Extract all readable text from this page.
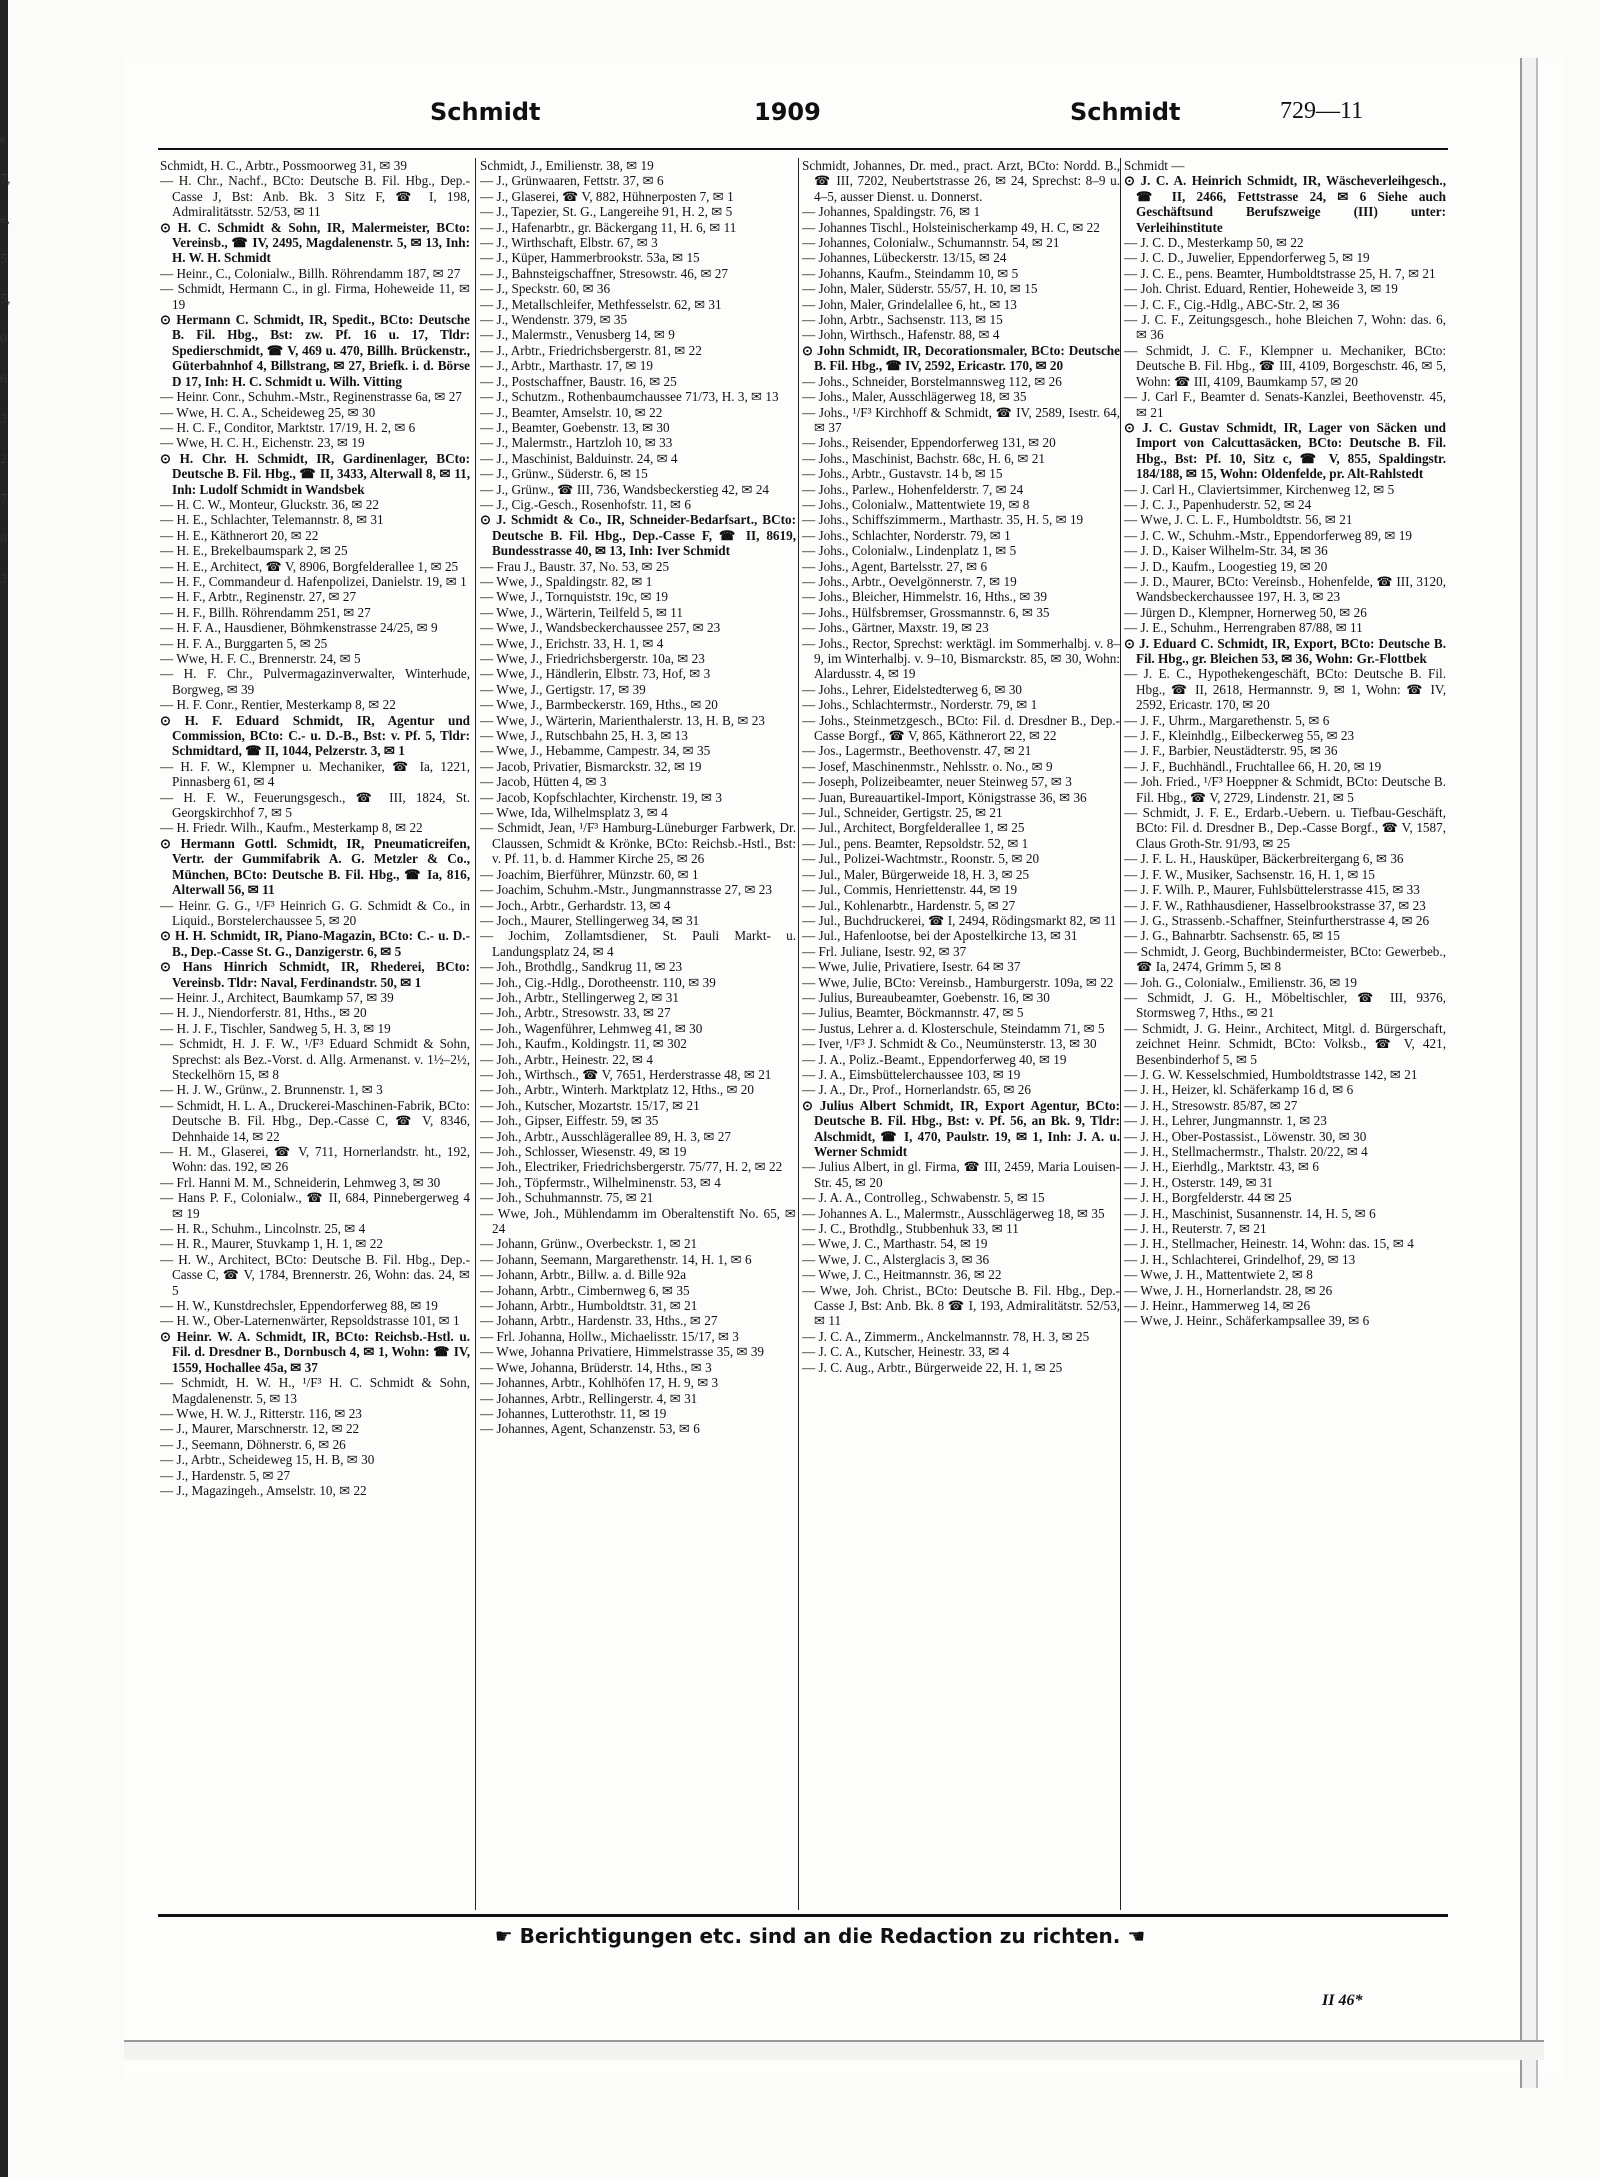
e
7,
e,
5
5,
0
6
3
2
7
8
3
Schmidt	1909	Schmidt	729—11

Schmidt, H. C., Arbtr., Possmoorweg 31, ✉ 39

— H. Chr., Nachf., BCto: Deutsche B. Fil. Hbg., Dep.-Casse J, Bst: Anb. Bk. 3 Sitz F, ☎ I, 198, Admiralitätsstr. 52/53, ✉ 11

⊙ H. C. Schmidt & Sohn, IR, Malermeister, BCto: Vereinsb., ☎ IV, 2495, Magdalenenstr. 5, ✉ 13, Inh: H. W. H. Schmidt

— Heinr., C., Colonialw., Billh. Röhrendamm 187, ✉ 27

— Schmidt, Hermann C., in gl. Firma, Hoheweide 11, ✉ 19

⊙ Hermann C. Schmidt, IR, Spedit., BCto: Deutsche B. Fil. Hbg., Bst: zw. Pf. 16 u. 17, Tldr: Spedierschmidt, ☎ V, 469 u. 470, Billh. Brückenstr., Güterbahnhof 4, Billstrang, ✉ 27, Briefk. i. d. Börse D 17, Inh: H. C. Schmidt u. Wilh. Vitting

— Heinr. Conr., Schuhm.-Mstr., Reginenstrasse 6a, ✉ 27

— Wwe, H. C. A., Scheideweg 25, ✉ 30

— H. C. F., Conditor, Marktstr. 17/19, H. 2, ✉ 6

— Wwe, H. C. H., Eichenstr. 23, ✉ 19

⊙ H. Chr. H. Schmidt, IR, Gardinenlager, BCto: Deutsche B. Fil. Hbg., ☎ II, 3433, Alterwall 8, ✉ 11, Inh: Ludolf Schmidt in Wandsbek

— H. C. W., Monteur, Gluckstr. 36, ✉ 22

— H. E., Schlachter, Telemannstr. 8, ✉ 31

— H. E., Käthnerort 20, ✉ 22

— H. E., Brekelbaumspark 2, ✉ 25

— H. E., Architect, ☎ V, 8906, Borgfelderallee 1, ✉ 25

— H. F., Commandeur d. Hafenpolizei, Danielstr. 19, ✉ 1

— H. F., Arbtr., Reginenstr. 27, ✉ 27

— H. F., Billh. Röhrendamm 251, ✉ 27

— H. F. A., Hausdiener, Böhmkenstrasse 24/25, ✉ 9

— H. F. A., Burggarten 5, ✉ 25

— Wwe, H. F. C., Brennerstr. 24, ✉ 5

— H. F. Chr., Pulvermagazinverwalter, Winterhude, Borgweg, ✉ 39

— H. F. Conr., Rentier, Mesterkamp 8, ✉ 22

⊙ H. F. Eduard Schmidt, IR, Agentur und Commission, BCto: C.- u. D.-B., Bst: v. Pf. 5, Tldr: Schmidtard, ☎ II, 1044, Pelzerstr. 3, ✉ 1

— H. F. W., Klempner u. Mechaniker, ☎ Ia, 1221, Pinnasberg 61, ✉ 4

— H. F. W., Feuerungsgesch., ☎ III, 1824, St. Georgskirchhof 7, ✉ 5

— H. Friedr. Wilh., Kaufm., Mesterkamp 8, ✉ 22

⊙ Hermann Gottl. Schmidt, IR, Pneumaticreifen, Vertr. der Gummifabrik A. G. Metzler & Co., München, BCto: Deutsche B. Fil. Hbg., ☎ Ia, 816, Alterwall 56, ✉ 11

— Heinr. G. G., ¹/F³ Heinrich G. G. Schmidt & Co., in Liquid., Borstelerchaussee 5, ✉ 20

⊙ H. H. Schmidt, IR, Piano-Magazin, BCto: C.- u. D.-B., Dep.-Casse St. G., Danzigerstr. 6, ✉ 5

⊙ Hans Hinrich Schmidt, IR, Rhederei, BCto: Vereinsb. Tldr: Naval, Ferdinandstr. 50, ✉ 1

— Heinr. J., Architect, Baumkamp 57, ✉ 39

— H. J., Niendorferstr. 81, Hths., ✉ 20

— H. J. F., Tischler, Sandweg 5, H. 3, ✉ 19

— Schmidt, H. J. F. W., ¹/F³ Eduard Schmidt & Sohn, Sprechst: als Bez.-Vorst. d. Allg. Armenanst. v. 1½–2½, Steckelhörn 15, ✉ 8

— H. J. W., Grünw., 2. Brunnenstr. 1, ✉ 3

— Schmidt, H. L. A., Druckerei-Maschinen-Fabrik, BCto: Deutsche B. Fil. Hbg., Dep.-Casse C, ☎ V, 8346, Dehnhaide 14, ✉ 22

— H. M., Glaserei, ☎ V, 711, Hornerlandstr. ht., 192, Wohn: das. 192, ✉ 26

— Frl. Hanni M. M., Schneiderin, Lehmweg 3, ✉ 30

— Hans P. F., Colonialw., ☎ II, 684, Pinnebergerweg 4 ✉ 19

— H. R., Schuhm., Lincolnstr. 25, ✉ 4

— H. R., Maurer, Stuvkamp 1, H. 1, ✉ 22

— H. W., Architect, BCto: Deutsche B. Fil. Hbg., Dep.-Casse C, ☎ V, 1784, Brennerstr. 26, Wohn: das. 24, ✉ 5

— H. W., Kunstdrechsler, Eppendorferweg 88, ✉ 19

— H. W., Ober-Laternenwärter, Repsoldstrasse 101, ✉ 1

⊙ Heinr. W. A. Schmidt, IR, BCto: Reichsb.-Hstl. u. Fil. d. Dresdner B., Dornbusch 4, ✉ 1, Wohn: ☎ IV, 1559, Hochallee 45a, ✉ 37

— Schmidt, H. W. H., ¹/F³ H. C. Schmidt & Sohn, Magdalenenstr. 5, ✉ 13

— Wwe, H. W. J., Ritterstr. 116, ✉ 23

— J., Maurer, Marschnerstr. 12, ✉ 22

— J., Seemann, Döhnerstr. 6, ✉ 26

— J., Arbtr., Scheideweg 15, H. B, ✉ 30

— J., Hardenstr. 5, ✉ 27

— J., Magazingeh., Amselstr. 10, ✉ 22

Schmidt, J., Emilienstr. 38, ✉ 19

— J., Grünwaaren, Fettstr. 37, ✉ 6

— J., Glaserei, ☎ V, 882, Hühnerposten 7, ✉ 1

— J., Tapezier, St. G., Langereihe 91, H. 2, ✉ 5

— J., Hafenarbtr., gr. Bäckergang 11, H. 6, ✉ 11

— J., Wirthschaft, Elbstr. 67, ✉ 3

— J., Küper, Hammerbrookstr. 53a, ✉ 15

— J., Bahnsteigschaffner, Stresowstr. 46, ✉ 27

— J., Speckstr. 60, ✉ 36

— J., Metallschleifer, Methfesselstr. 62, ✉ 31

— J., Wendenstr. 379, ✉ 35

— J., Malermstr., Venusberg 14, ✉ 9

— J., Arbtr., Friedrichsbergerstr. 81, ✉ 22

— J., Arbtr., Marthastr. 17, ✉ 19

— J., Postschaffner, Baustr. 16, ✉ 25

— J., Schutzm., Rothenbaumchaussee 71/73, H. 3, ✉ 13

— J., Beamter, Amselstr. 10, ✉ 22

— J., Beamter, Goebenstr. 13, ✉ 30

— J., Malermstr., Hartzloh 10, ✉ 33

— J., Maschinist, Balduinstr. 24, ✉ 4

— J., Grünw., Süderstr. 6, ✉ 15

— J., Grünw., ☎ III, 736, Wandsbeckerstieg 42, ✉ 24

— J., Cig.-Gesch., Rosenhofstr. 11, ✉ 6

⊙ J. Schmidt & Co., IR, Schneider-Bedarfsart., BCto: Deutsche B. Fil. Hbg., Dep.-Casse F, ☎ II, 8619, Bundesstrasse 40, ✉ 13, Inh: Iver Schmidt

— Frau J., Baustr. 37, No. 53, ✉ 25

— Wwe, J., Spaldingstr. 82, ✉ 1

— Wwe, J., Tornquiststr. 19c, ✉ 19

— Wwe, J., Wärterin, Teilfeld 5, ✉ 11

— Wwe, J., Wandsbeckerchaussee 257, ✉ 23

— Wwe, J., Erichstr. 33, H. 1, ✉ 4

— Wwe, J., Friedrichsbergerstr. 10a, ✉ 23

— Wwe, J., Händlerin, Elbstr. 73, Hof, ✉ 3

— Wwe, J., Gertigstr. 17, ✉ 39

— Wwe, J., Barmbeckerstr. 169, Hths., ✉ 20

— Wwe, J., Wärterin, Marienthalerstr. 13, H. B, ✉ 23

— Wwe, J., Rutschbahn 25, H. 3, ✉ 13

— Wwe, J., Hebamme, Campestr. 34, ✉ 35

— Jacob, Privatier, Bismarckstr. 32, ✉ 19

— Jacob, Hütten 4, ✉ 3

— Jacob, Kopfschlachter, Kirchenstr. 19, ✉ 3

— Wwe, Ida, Wilhelmsplatz 3, ✉ 4

— Schmidt, Jean, ¹/F³ Hamburg-Lüneburger Farbwerk, Dr. Claussen, Schmidt & Krönke, BCto: Reichsb.-Hstl., Bst: v. Pf. 11, b. d. Hammer Kirche 25, ✉ 26

— Joachim, Bierführer, Münzstr. 60, ✉ 1

— Joachim, Schuhm.-Mstr., Jungmannstrasse 27, ✉ 23

— Joch., Arbtr., Gerhardstr. 13, ✉ 4

— Joch., Maurer, Stellingerweg 34, ✉ 31

— Jochim, Zollamtsdiener, St. Pauli Markt- u. Landungsplatz 24, ✉ 4

— Joh., Brothdlg., Sandkrug 11, ✉ 23

— Joh., Cig.-Hdlg., Dorotheenstr. 110, ✉ 39

— Joh., Arbtr., Stellingerweg 2, ✉ 31

— Joh., Arbtr., Stresowstr. 33, ✉ 27

— Joh., Wagenführer, Lehmweg 41, ✉ 30

— Joh., Kaufm., Koldingstr. 11, ✉ 302

— Joh., Arbtr., Heinestr. 22, ✉ 4

— Joh., Wirthsch., ☎ V, 7651, Herderstrasse 48, ✉ 21

— Joh., Arbtr., Winterh. Marktplatz 12, Hths., ✉ 20

— Joh., Kutscher, Mozartstr. 15/17, ✉ 21

— Joh., Gipser, Eiffestr. 59, ✉ 35

— Joh., Arbtr., Ausschlägerallee 89, H. 3, ✉ 27

— Joh., Schlosser, Wiesenstr. 49, ✉ 19

— Joh., Electriker, Friedrichsbergerstr. 75/77, H. 2, ✉ 22

— Joh., Töpfermstr., Wilhelminenstr. 53, ✉ 4

— Joh., Schuhmannstr. 75, ✉ 21

— Wwe, Joh., Mühlendamm im Oberaltenstift No. 65, ✉ 24

— Johann, Grünw., Overbeckstr. 1, ✉ 21

— Johann, Seemann, Margarethenstr. 14, H. 1, ✉ 6

— Johann, Arbtr., Billw. a. d. Bille 92a

— Johann, Arbtr., Cimbernweg 6, ✉ 35

— Johann, Arbtr., Humboldtstr. 31, ✉ 21

— Johann, Arbtr., Hardenstr. 33, Hths., ✉ 27

— Frl. Johanna, Hollw., Michaelisstr. 15/17, ✉ 3

— Wwe, Johanna Privatiere, Himmelstrasse 35, ✉ 39

— Wwe, Johanna, Brüderstr. 14, Hths., ✉ 3

— Johannes, Arbtr., Kohlhöfen 17, H. 9, ✉ 3

— Johannes, Arbtr., Rellingerstr. 4, ✉ 31

— Johannes, Lutterothstr. 11, ✉ 19

— Johannes, Agent, Schanzenstr. 53, ✉ 6

Schmidt, Johannes, Dr. med., pract. Arzt, BCto: Nordd. B., ☎ III, 7202, Neubertstrasse 26, ✉ 24, Sprechst: 8–9 u. 4–5, ausser Dienst. u. Donnerst.

— Johannes, Spaldingstr. 76, ✉ 1

— Johannes Tischl., Holsteinischerkamp 49, H. C, ✉ 22

— Johannes, Colonialw., Schumannstr. 54, ✉ 21

— Johannes, Lübeckerstr. 13/15, ✉ 24

— Johanns, Kaufm., Steindamm 10, ✉ 5

— John, Maler, Süderstr. 55/57, H. 10, ✉ 15

— John, Maler, Grindelallee 6, ht., ✉ 13

— John, Arbtr., Sachsenstr. 113, ✉ 15

— John, Wirthsch., Hafenstr. 88, ✉ 4

⊙ John Schmidt, IR, Decorationsmaler, BCto: Deutsche B. Fil. Hbg., ☎ IV, 2592, Ericastr. 170, ✉ 20

— Johs., Schneider, Borstelmannsweg 112, ✉ 26

— Johs., Maler, Ausschlägerweg 18, ✉ 35

— Johs., ¹/F³ Kirchhoff & Schmidt, ☎ IV, 2589, Isestr. 64, ✉ 37

— Johs., Reisender, Eppendorferweg 131, ✉ 20

— Johs., Maschinist, Bachstr. 68c, H. 6, ✉ 21

— Johs., Arbtr., Gustavstr. 14 b, ✉ 15

— Johs., Parlew., Hohenfelderstr. 7, ✉ 24

— Johs., Colonialw., Mattentwiete 19, ✉ 8

— Johs., Schiffszimmerm., Marthastr. 35, H. 5, ✉ 19

— Johs., Schlachter, Norderstr. 79, ✉ 1

— Johs., Colonialw., Lindenplatz 1, ✉ 5

— Johs., Agent, Bartelsstr. 27, ✉ 6

— Johs., Arbtr., Oevelgönnerstr. 7, ✉ 19

— Johs., Bleicher, Himmelstr. 16, Hths., ✉ 39

— Johs., Hülfsbremser, Grossmannstr. 6, ✉ 35

— Johs., Gärtner, Maxstr. 19, ✉ 23

— Johs., Rector, Sprechst: werktägl. im Sommerhalbj. v. 8–9, im Winterhalbj. v. 9–10, Bismarckstr. 85, ✉ 30, Wohn: Alardusstr. 4, ✉ 19

— Johs., Lehrer, Eidelstedterweg 6, ✉ 30

— Johs., Schlachtermstr., Norderstr. 79, ✉ 1

— Johs., Steinmetzgesch., BCto: Fil. d. Dresdner B., Dep.-Casse Borgf., ☎ V, 865, Käthnerort 22, ✉ 22

— Jos., Lagermstr., Beethovenstr. 47, ✉ 21

— Josef, Maschinenmstr., Nehlsstr. o. No., ✉ 9

— Joseph, Polizeibeamter, neuer Steinweg 57, ✉ 3

— Juan, Bureauartikel-Import, Königstrasse 36, ✉ 36

— Jul., Schneider, Gertigstr. 25, ✉ 21

— Jul., Architect, Borgfelderallee 1, ✉ 25

— Jul., pens. Beamter, Repsoldstr. 52, ✉ 1

— Jul., Polizei-Wachtmstr., Roonstr. 5, ✉ 20

— Jul., Maler, Bürgerweide 18, H. 3, ✉ 25

— Jul., Commis, Henriettenstr. 44, ✉ 19

— Jul., Kohlenarbtr., Hardenstr. 5, ✉ 27

— Jul., Buchdruckerei, ☎ I, 2494, Rödingsmarkt 82, ✉ 11

— Jul., Hafenlootse, bei der Apostelkirche 13, ✉ 31

— Frl. Juliane, Isestr. 92, ✉ 37

— Wwe, Julie, Privatiere, Isestr. 64 ✉ 37

— Wwe, Julie, BCto: Vereinsb., Hamburgerstr. 109a, ✉ 22

— Julius, Bureaubeamter, Goebenstr. 16, ✉ 30

— Julius, Beamter, Böckmannstr. 47, ✉ 5

— Justus, Lehrer a. d. Klosterschule, Steindamm 71, ✉ 5

— Iver, ¹/F³ J. Schmidt & Co., Neumünsterstr. 13, ✉ 30

— J. A., Poliz.-Beamt., Eppendorferweg 40, ✉ 19

— J. A., Eimsbüttelerchaussee 103, ✉ 19

— J. A., Dr., Prof., Hornerlandstr. 65, ✉ 26

⊙ Julius Albert Schmidt, IR, Export Agentur, BCto: Deutsche B. Fil. Hbg., Bst: v. Pf. 56, an Bk. 9, Tldr: Alschmidt, ☎ I, 470, Paulstr. 19, ✉ 1, Inh: J. A. u. Werner Schmidt

— Julius Albert, in gl. Firma, ☎ III, 2459, Maria Louisen-Str. 45, ✉ 20

— J. A. A., Controlleg., Schwabenstr. 5, ✉ 15

— Johannes A. L., Malermstr., Ausschlägerweg 18, ✉ 35

— J. C., Brothdlg., Stubbenhuk 33, ✉ 11

— Wwe, J. C., Marthastr. 54, ✉ 19

— Wwe, J. C., Alsterglacis 3, ✉ 36

— Wwe, J. C., Heitmannstr. 36, ✉ 22

— Wwe, Joh. Christ., BCto: Deutsche B. Fil. Hbg., Dep.-Casse J, Bst: Anb. Bk. 8 ☎ I, 193, Admiralitätstr. 52/53, ✉ 11

— J. C. A., Zimmerm., Anckelmannstr. 78, H. 3, ✉ 25

— J. C. A., Kutscher, Heinestr. 33, ✉ 4

— J. C. Aug., Arbtr., Bürgerweide 22, H. 1, ✉ 25

Schmidt —

⊙ J. C. A. Heinrich Schmidt, IR, Wäscheverleihgesch., ☎ II, 2466, Fettstrasse 24, ✉ 6 Siehe auch Geschäftsund Berufszweige (III) unter: Verleihinstitute

— J. C. D., Mesterkamp 50, ✉ 22

— J. C. D., Juwelier, Eppendorferweg 5, ✉ 19

— J. C. E., pens. Beamter, Humboldtstrasse 25, H. 7, ✉ 21

— Joh. Christ. Eduard, Rentier, Hoheweide 3, ✉ 19

— J. C. F., Cig.-Hdlg., ABC-Str. 2, ✉ 36

— J. C. F., Zeitungsgesch., hohe Bleichen 7, Wohn: das. 6, ✉ 36

— Schmidt, J. C. F., Klempner u. Mechaniker, BCto: Deutsche B. Fil. Hbg., ☎ III, 4109, Borgeschstr. 46, ✉ 5, Wohn: ☎ III, 4109, Baumkamp 57, ✉ 20

— J. Carl F., Beamter d. Senats-Kanzlei, Beethovenstr. 45, ✉ 21

⊙ J. C. Gustav Schmidt, IR, Lager von Säcken und Import von Calcuttasäcken, BCto: Deutsche B. Fil. Hbg., Bst: Pf. 10, Sitz c, ☎ V, 855, Spaldingstr. 184/188, ✉ 15, Wohn: Oldenfelde, pr. Alt-Rahlstedt

— J. Carl H., Claviertsimmer, Kirchenweg 12, ✉ 5

— J. C. J., Papenhuderstr. 52, ✉ 24

— Wwe, J. C. L. F., Humboldtstr. 56, ✉ 21

— J. C. W., Schuhm.-Mstr., Eppendorferweg 89, ✉ 19

— J. D., Kaiser Wilhelm-Str. 34, ✉ 36

— J. D., Kaufm., Loogestieg 19, ✉ 20

— J. D., Maurer, BCto: Vereinsb., Hohenfelde, ☎ III, 3120, Wandsbeckerchaussee 197, H. 3, ✉ 23

— Jürgen D., Klempner, Hornerweg 50, ✉ 26

— J. E., Schuhm., Herrengraben 87/88, ✉ 11

⊙ J. Eduard C. Schmidt, IR, Export, BCto: Deutsche B. Fil. Hbg., gr. Bleichen 53, ✉ 36, Wohn: Gr.-Flottbek

— J. E. C., Hypothekengeschäft, BCto: Deutsche B. Fil. Hbg., ☎ II, 2618, Hermannstr. 9, ✉ 1, Wohn: ☎ IV, 2592, Ericastr. 170, ✉ 20

— J. F., Uhrm., Margarethenstr. 5, ✉ 6

— J. F., Kleinhdlg., Eilbeckerweg 55, ✉ 23

— J. F., Barbier, Neustädterstr. 95, ✉ 36

— J. F., Buchhändl., Fruchtallee 66, H. 20, ✉ 19

— Joh. Fried., ¹/F³ Hoeppner & Schmidt, BCto: Deutsche B. Fil. Hbg., ☎ V, 2729, Lindenstr. 21, ✉ 5

— Schmidt, J. F. E., Erdarb.-Uebern. u. Tiefbau-Geschäft, BCto: Fil. d. Dresdner B., Dep.-Casse Borgf., ☎ V, 1587, Claus Groth-Str. 91/93, ✉ 25

— J. F. L. H., Hausküper, Bäckerbreitergang 6, ✉ 36

— J. F. W., Musiker, Sachsenstr. 16, H. 1, ✉ 15

— J. F. Wilh. P., Maurer, Fuhlsbüttelerstrasse 415, ✉ 33

— J. F. W., Rathhausdiener, Hasselbrookstrasse 37, ✉ 23

— J. G., Strassenb.-Schaffner, Steinfurtherstrasse 4, ✉ 26

— J. G., Bahnarbtr. Sachsenstr. 65, ✉ 15

— Schmidt, J. Georg, Buchbindermeister, BCto: Gewerbeb., ☎ Ia, 2474, Grimm 5, ✉ 8

— Joh. G., Colonialw., Emilienstr. 36, ✉ 19

— Schmidt, J. G. H., Möbeltischler, ☎ III, 9376, Stormsweg 7, Hths., ✉ 21

— Schmidt, J. G. Heinr., Architect, Mitgl. d. Bürgerschaft, zeichnet Heinr. Schmidt, BCto: Volksb., ☎ V, 421, Besenbinderhof 5, ✉ 5

— J. G. W. Kesselschmied, Humboldtstrasse 142, ✉ 21

— J. H., Heizer, kl. Schäferkamp 16 d, ✉ 6

— J. H., Stresowstr. 85/87, ✉ 27

— J. H., Lehrer, Jungmannstr. 1, ✉ 23

— J. H., Ober-Postassist., Löwenstr. 30, ✉ 30

— J. H., Stellmachermstr., Thalstr. 20/22, ✉ 4

— J. H., Eierhdlg., Marktstr. 43, ✉ 6

— J. H., Osterstr. 149, ✉ 31

— J. H., Borgfelderstr. 44 ✉ 25

— J. H., Maschinist, Susannenstr. 14, H. 5, ✉ 6

— J. H., Reuterstr. 7, ✉ 21

— J. H., Stellmacher, Heinestr. 14, Wohn: das. 15, ✉ 4

— J. H., Schlachterei, Grindelhof, 29, ✉ 13

— Wwe, J. H., Mattentwiete 2, ✉ 8

— Wwe, J. H., Hornerlandstr. 28, ✉ 26

— J. Heinr., Hammerweg 14, ✉ 26

— Wwe, J. Heinr., Schäferkampsallee 39, ✉ 6

☛ Berichtigungen etc. sind an die Redaction zu richten. ☚
II 46*
